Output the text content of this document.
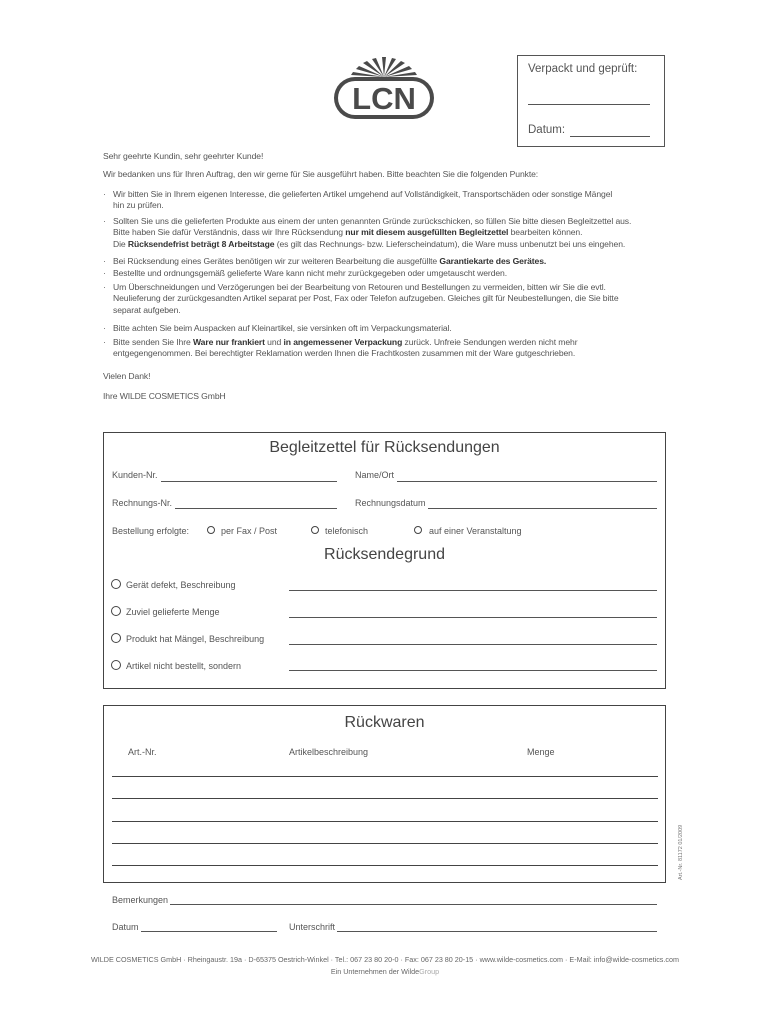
LCN
Verpackt und geprüft:
Datum:
Sehr geehrte Kundin, sehr geehrter Kunde!
Wir bedanken uns für Ihren Auftrag, den wir gerne für Sie ausgeführt haben. Bitte beachten Sie die folgenden Punkte:
· Wir bitten Sie in Ihrem eigenen Interesse, die gelieferten Artikel umgehend auf Vollständigkeit, Transportschäden oder sonstige Mängel
hin zu prüfen.
· Sollten Sie uns die gelieferten Produkte aus einem der unten genannten Gründe zurückschicken, so füllen Sie bitte diesen Begleitzettel aus.
Bitte haben Sie dafür Verständnis, dass wir Ihre Rücksendung nur mit diesem ausgefüllten Begleitzettel bearbeiten können.
Die Rücksendefrist beträgt 8 Arbeitstage (es gilt das Rechnungs- bzw. Lieferscheindatum), die Ware muss unbenutzt bei uns eingehen.
· Bei Rücksendung eines Gerätes benötigen wir zur weiteren Bearbeitung die ausgefüllte Garantiekarte des Gerätes.
· Bestellte und ordnungsgemäß gelieferte Ware kann nicht mehr zurückgegeben oder umgetauscht werden.
· Um Überschneidungen und Verzögerungen bei der Bearbeitung von Retouren und Bestellungen zu vermeiden, bitten wir Sie die evtl.
Neulieferung der zurückgesandten Artikel separat per Post, Fax oder Telefon aufzugeben. Gleiches gilt für Neubestellungen, die Sie bitte
separat aufgeben.
· Bitte achten Sie beim Auspacken auf Kleinartikel, sie versinken oft im Verpackungsmaterial.
· Bitte senden Sie Ihre Ware nur frankiert und in angemessener Verpackung zurück. Unfreie Sendungen werden nicht mehr
entgegengenommen. Bei berechtigter Reklamation werden Ihnen die Frachtkosten zusammen mit der Ware gutgeschrieben.
Vielen Dank!
Ihre WILDE COSMETICS GmbH
Begleitzettel für Rücksendungen
Kunden-Nr.	Name/Ort
Rechnungs-Nr.	Rechnungsdatum
Bestellung erfolgte:	per Fax / Post	telefonisch	auf einer Veranstaltung
Rücksendegrund
Gerät defekt, Beschreibung
Zuviel gelieferte Menge
Produkt hat Mängel, Beschreibung
Artikel nicht bestellt, sondern
Rückwaren
Art.-Nr.	Artikelbeschreibung	Menge
Art.-Nr. 81172 01/2009
Bemerkungen
Datum	Unterschrift
WILDE COSMETICS GmbH · Rheingaustr. 19a · D-65375 Oestrich-Winkel · Tel.: 067 23 80 20-0 · Fax: 067 23 80 20-15 · www.wilde-cosmetics.com · E-Mail: info@wilde-cosmetics.com
Ein Unternehmen der WildeGroup
